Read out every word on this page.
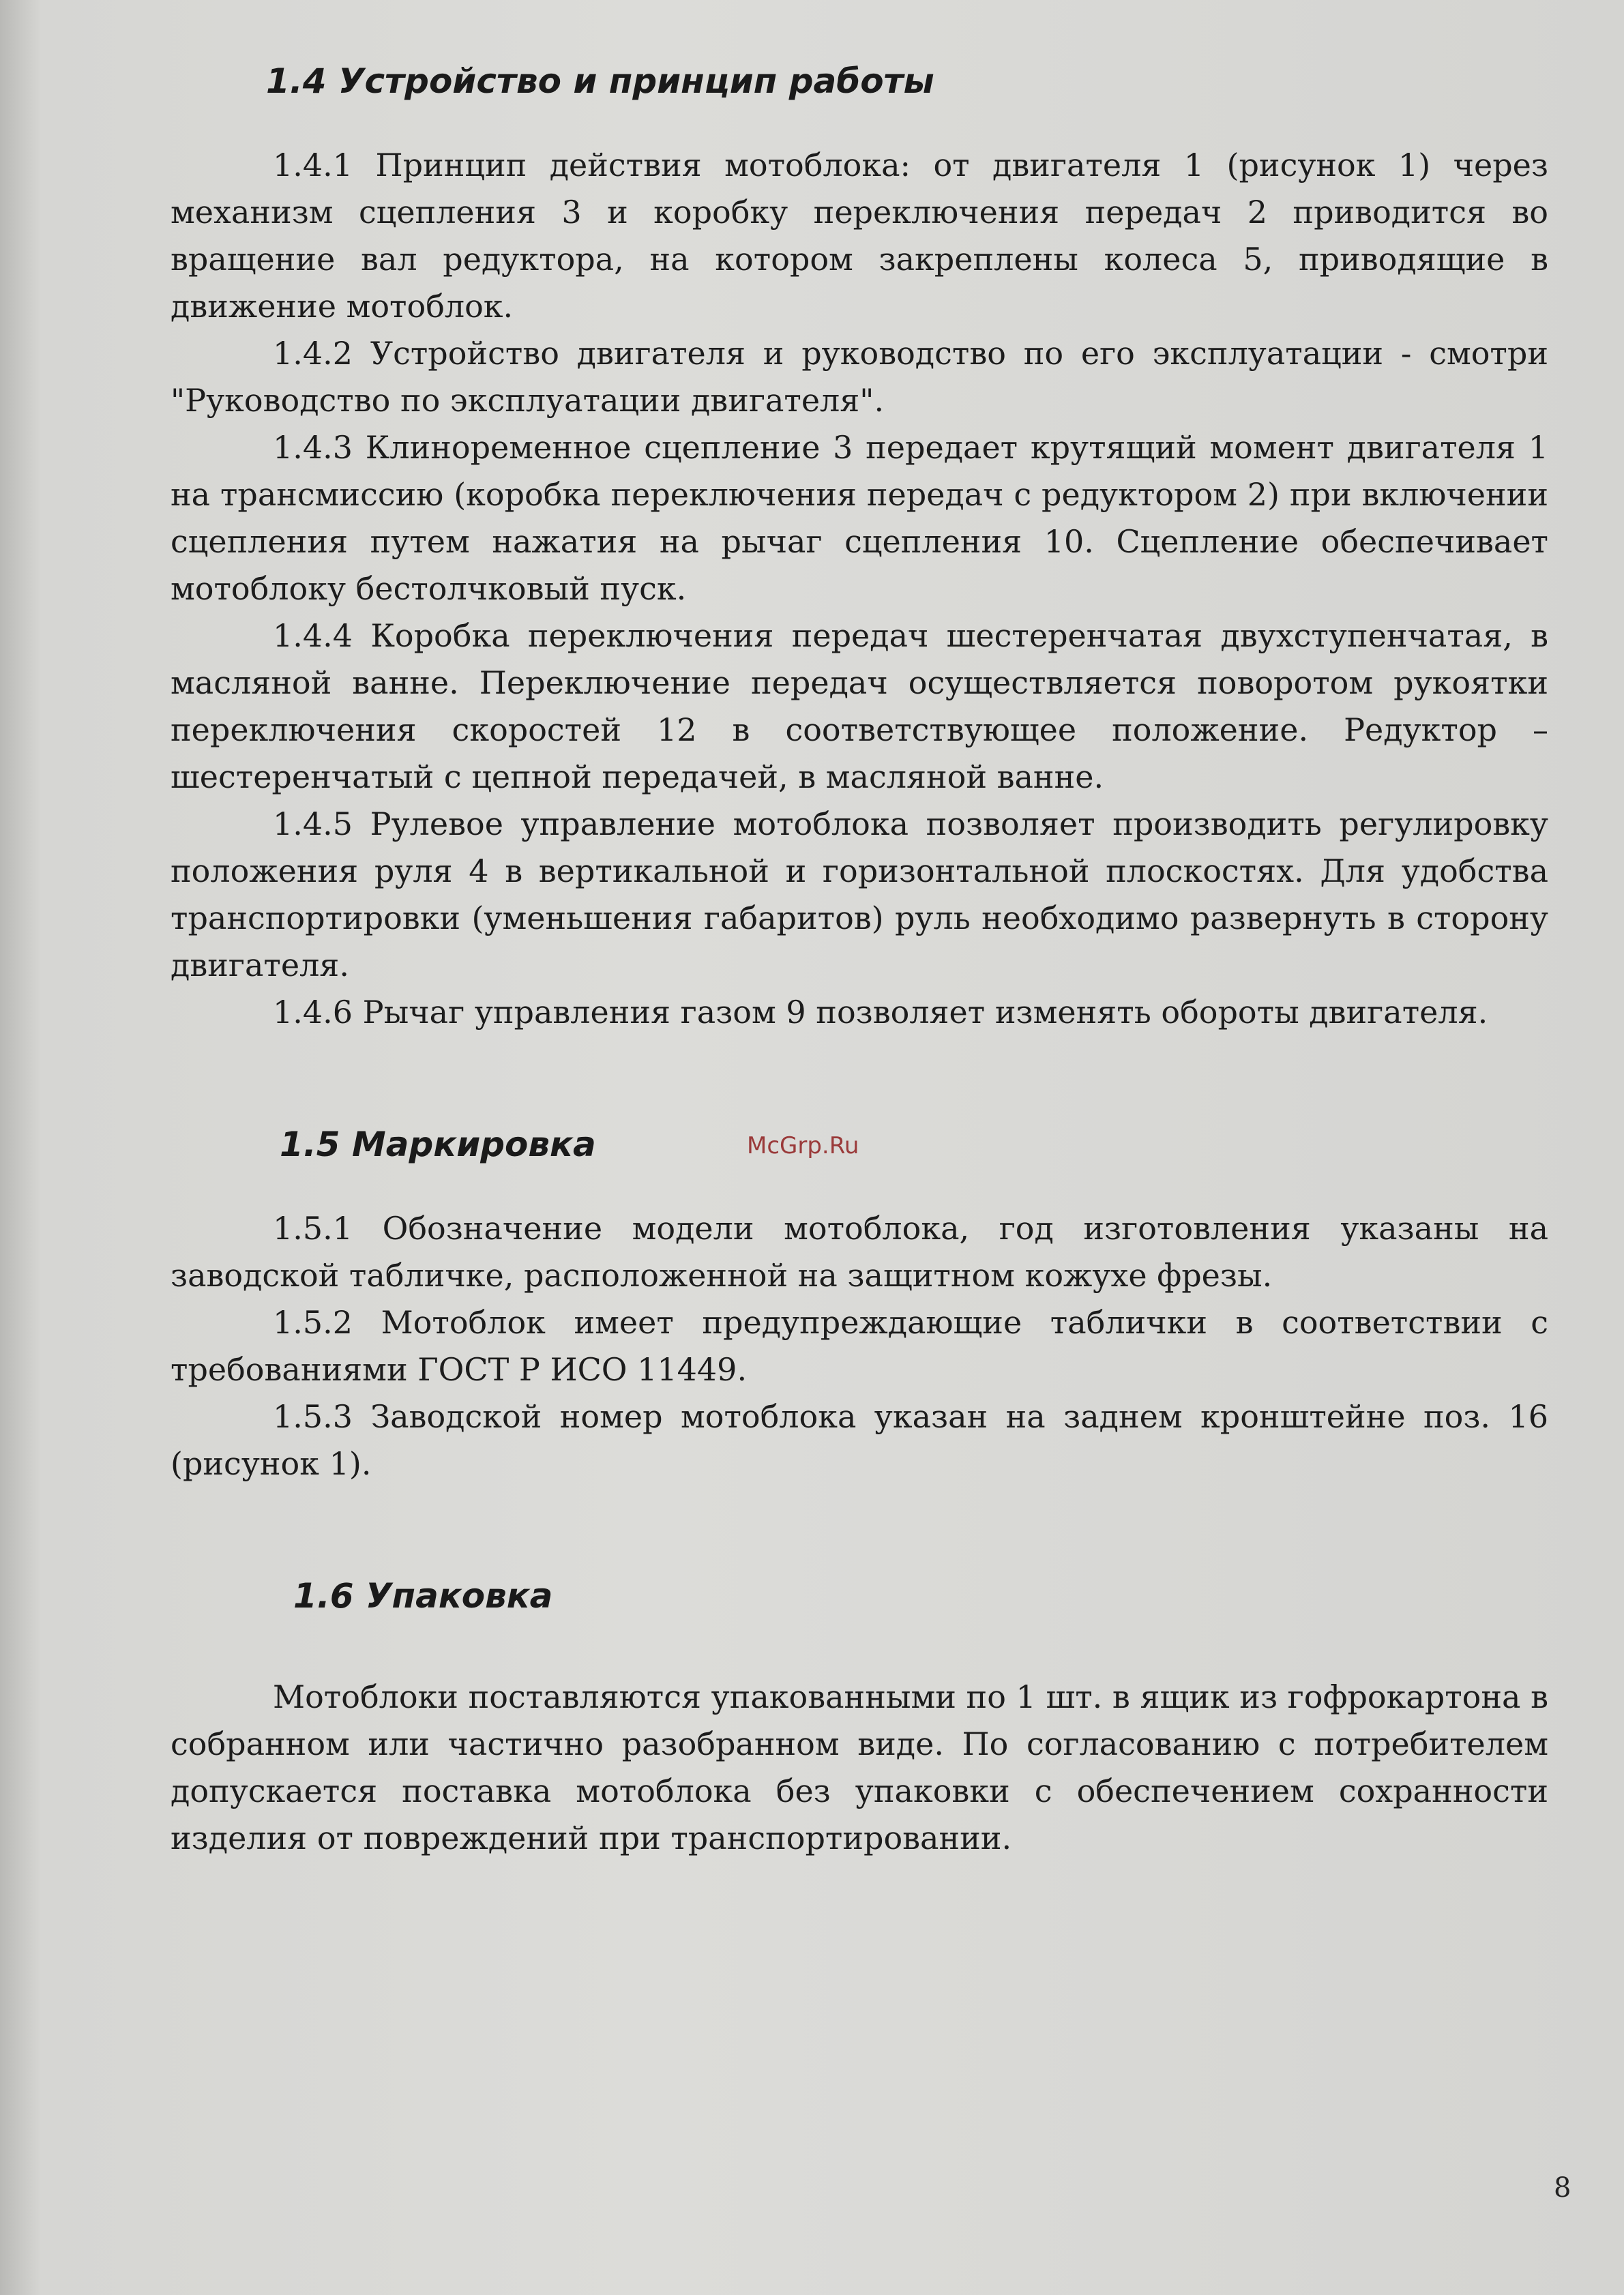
1.4 Устройство и принцип работы

1.4.1 Принцип действия мотоблока: от двигателя 1 (рисунок 1) через механизм сцепления 3 и коробку переключения передач 2 приводится во вращение вал редуктора, на котором закреплены колеса 5, приводящие в движение мотоблок.

1.4.2 Устройство двигателя и руководство по его эксплуатации - смотри "Руководство по эксплуатации двигателя".

1.4.3 Клиноременное сцепление 3 передает крутящий момент двигателя 1 на трансмиссию (коробка переключения передач с редуктором 2) при включении сцепления путем нажатия на рычаг сцепления 10. Сцепление обеспечивает мотоблоку бестолчковый пуск.

1.4.4 Коробка переключения передач шестеренчатая двухступенчатая, в масляной ванне. Переключение передач осуществляется поворотом рукоятки переключения скоростей 12 в соответствующее положение. Редуктор – шестеренчатый с цепной передачей, в масляной ванне.

1.4.5 Рулевое управление мотоблока позволяет производить регулировку положения руля 4 в вертикальной и горизонтальной плоскостях. Для удобства транспортировки (уменьшения габаритов) руль необходимо развернуть в сторону двигателя.

1.4.6 Рычаг управления газом 9 позволяет изменять обороты двигателя.

1.5 Маркировка

1.5.1 Обозначение модели мотоблока, год изготовления указаны на заводской табличке, расположенной на защитном кожухе фрезы.

1.5.2 Мотоблок имеет предупреждающие таблички в соответствии с требованиями ГОСТ Р ИСО 11449.

1.5.3 Заводской номер мотоблока указан на заднем кронштейне поз. 16 (рисунок 1).

1.6 Упаковка

Мотоблоки поставляются упакованными по 1 шт. в ящик из гофрокартона в собранном или частично разобранном виде. По согласованию с потребителем допускается поставка мотоблока без упаковки с обеспечением сохранности изделия от повреждений при транспортировании.

McGrp.Ru
8
